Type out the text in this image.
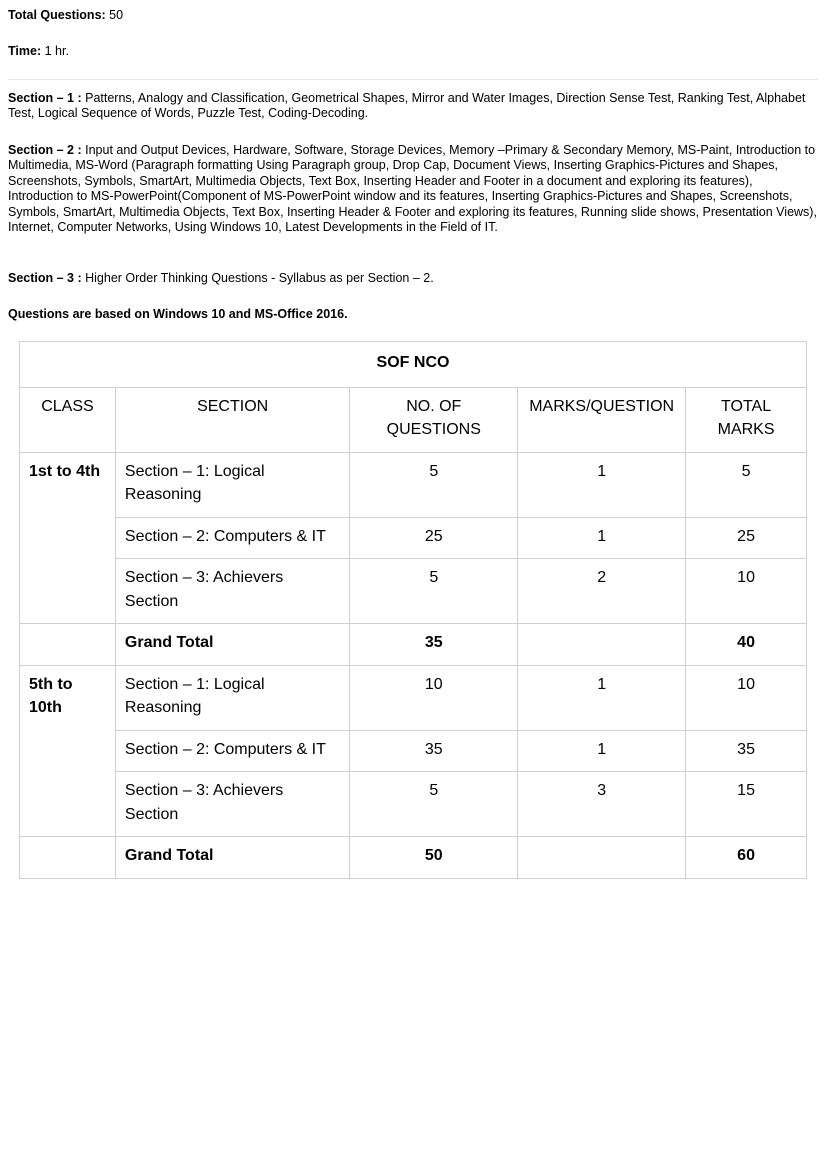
Total Questions: 50
Time: 1 hr.
Section – 1 : Patterns, Analogy and Classification, Geometrical Shapes, Mirror and Water Images, Direction Sense Test, Ranking Test, Alphabet Test, Logical Sequence of Words, Puzzle Test, Coding-Decoding.
Section – 2 : Input and Output Devices, Hardware, Software, Storage Devices, Memory –Primary & Secondary Memory, MS-Paint, Introduction to Multimedia, MS-Word (Paragraph formatting Using Paragraph group, Drop Cap, Document Views, Inserting Graphics-Pictures and Shapes, Screenshots, Symbols, SmartArt, Multimedia Objects, Text Box, Inserting Header and Footer in a document and exploring its features), Introduction to MS-PowerPoint(Component of MS-PowerPoint window and its features, Inserting Graphics-Pictures and Shapes, Screenshots, Symbols, SmartArt, Multimedia Objects, Text Box, Inserting Header & Footer and exploring its features, Running slide shows, Presentation Views), Internet, Computer Networks, Using Windows 10, Latest Developments in the Field of IT.
Section – 3 : Higher Order Thinking Questions - Syllabus as per Section – 2.
Questions are based on Windows 10 and MS-Office 2016.
SOF NCO				
CLASS	SECTION	NO. OF QUESTIONS	MARKS/QUESTION	TOTAL MARKS
1st to 4th	Section – 1: Logical Reasoning	5	1	5
	Section – 2: Computers & IT	25	1	25
	Section – 3: Achievers Section	5	2	10
	Grand Total	35		40
5th to 10th	Section – 1: Logical Reasoning	10	1	10
	Section – 2: Computers & IT	35	1	35
	Section – 3: Achievers Section	5	3	15
	Grand Total	50		60
